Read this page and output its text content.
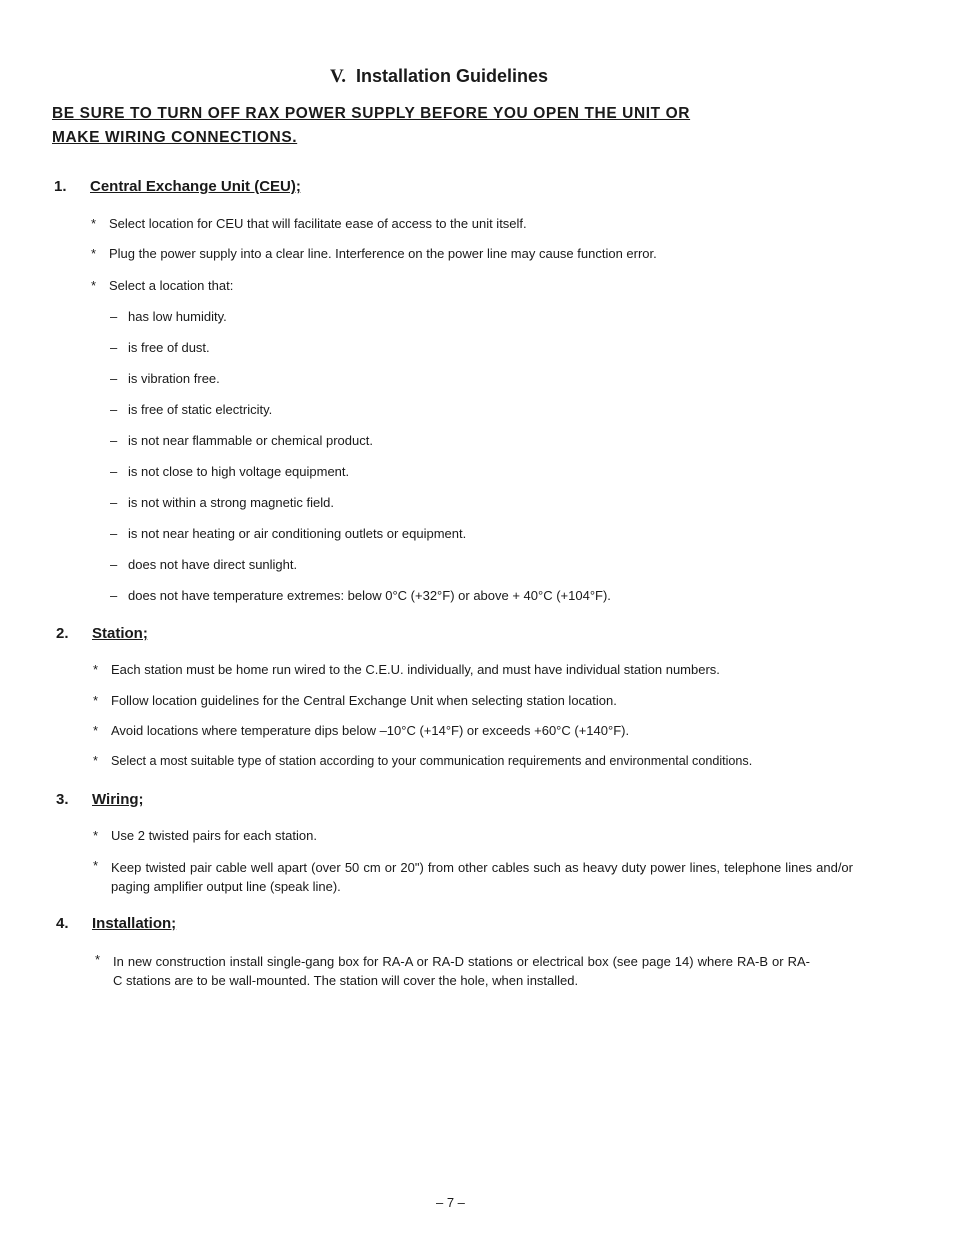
V. Installation Guidelines
BE SURE TO TURN OFF RAX POWER SUPPLY BEFORE YOU OPEN THE UNIT OR
MAKE WIRING CONNECTIONS.
1. Central Exchange Unit (CEU);
* Select location for CEU that will facilitate ease of access to the unit itself.
* Plug the power supply into a clear line. Interference on the power line may cause function error.
* Select a location that:
– has low humidity.
– is free of dust.
– is vibration free.
– is free of static electricity.
– is not near flammable or chemical product.
– is not close to high voltage equipment.
– is not within a strong magnetic field.
– is not near heating or air conditioning outlets or equipment.
– does not have direct sunlight.
– does not have temperature extremes: below 0°C (+32°F) or above + 40°C (+104°F).
2. Station;
* Each station must be home run wired to the C.E.U. individually, and must have individual station numbers.
* Follow location guidelines for the Central Exchange Unit when selecting station location.
* Avoid locations where temperature dips below –10°C (+14°F) or exceeds +60°C (+140°F).
* Select a most suitable type of station according to your communication requirements and environmental conditions.
3. Wiring;
* Use 2 twisted pairs for each station.
* Keep twisted pair cable well apart (over 50 cm or 20") from other cables such as heavy duty power lines, telephone lines and/or paging amplifier output line (speak line).
4. Installation;
* In new construction install single-gang box for RA-A or RA-D stations or electrical box (see page 14) where RA-B or RA-C stations are to be wall-mounted. The station will cover the hole, when installed.
– 7 –
